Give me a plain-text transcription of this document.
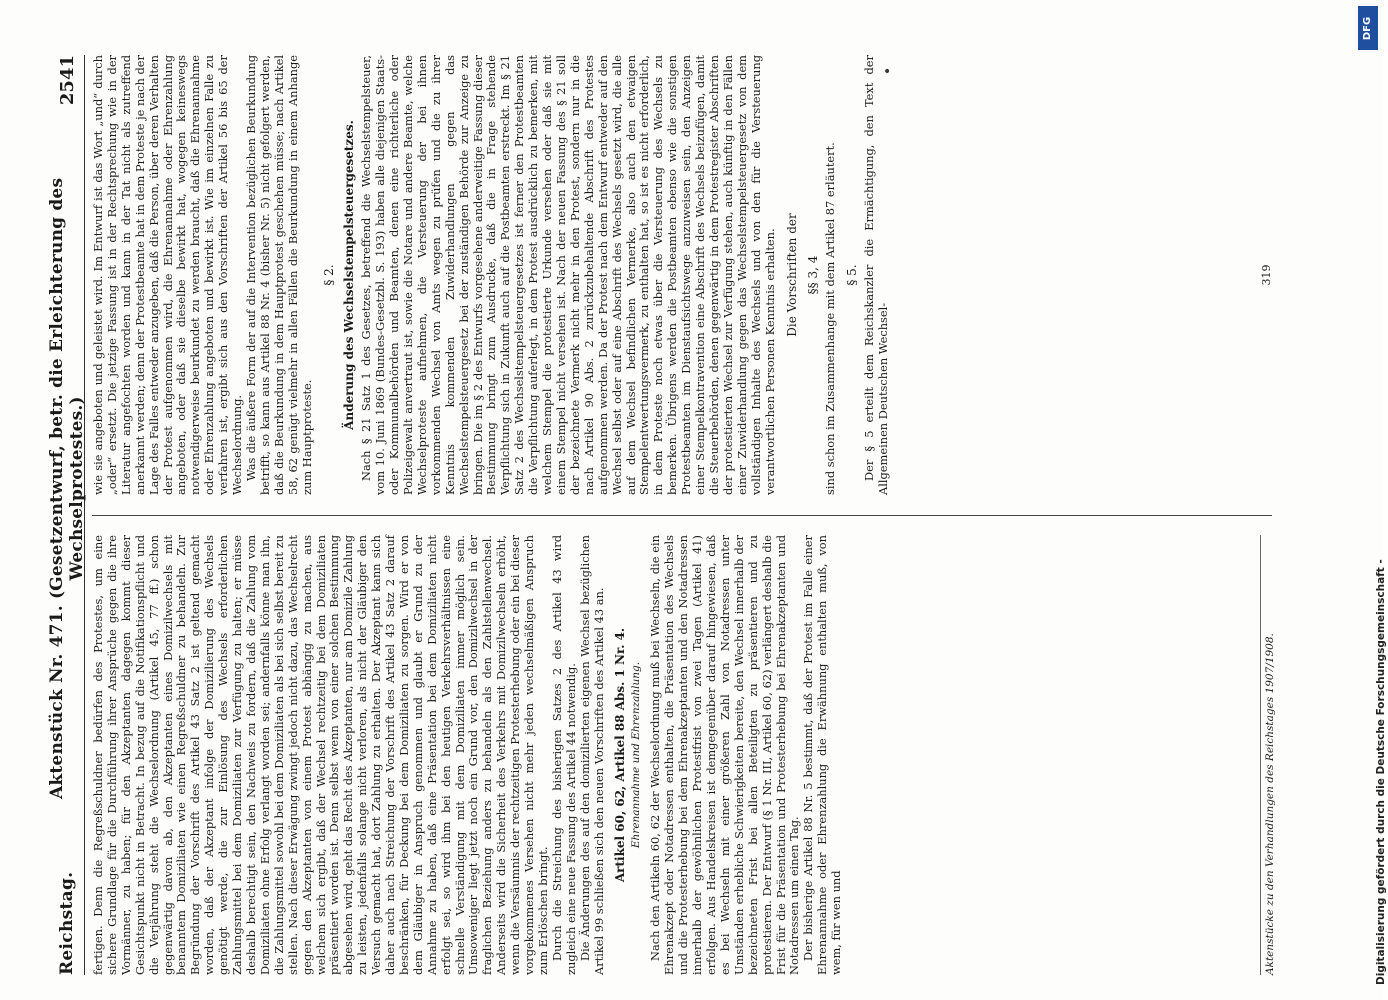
Reichstag.
Aktenstück Nr. 471. (Gesetzentwurf, betr. die Erleichterung des Wechselprotestes.)
2541

fertigen. Denn die Regreßschuldner bedürfen des Protestes, um eine sichere Grundlage für die Durchführung ihrer Ansprüche gegen die ihre Vormänner, zu haben; für den Akzeptanten dagegen kommt dieser Gesichtspunkt nicht in Betracht. In bezug auf die Notifikationspflicht und die Verjährung steht die Wechselordnung (Artikel 45, 77 ff.) schon gegenwärtig davon ab, den Akzeptanten eines Domizilwechsels mit benanntem Domiziliaten wie einen Regreßschuldner zu behandeln. Zur Begründung der Vorschrift des Artikel 43 Satz 2 ist geltend gemacht worden, daß der Akzeptant infolge der Domizilierung des Wechsels genötigt werde, die zur Einlösung des Wechsels erforderlichen Zahlungsmittel bei dem Domiziliaten zur Verfügung zu halten; er müsse deshalb berechtigt sein, den Nachweis zu fordern, daß die Zahlung vom Domiziliaten ohne Erfolg verlangt worden sei; andernfalls könne man ihn, die Zahlungsmittel sowohl bei dem Domiziliaten als bei sich selbst bereit zu stellen. Nach dieser Erwägung zwingt jedoch nicht dazu, das Wechselrecht gegen den Akzeptanten von einem Protest abhängig zu machen, aus welchem sich ergibt, daß der Wechsel rechtzeitig bei dem Domiziliaten präsentiert worden ist. Denn selbst wenn von einer solchen Bestimmung abgesehen wird, geht das Recht des Akzeptanten, nur am Domizile Zahlung zu leisten, jedenfalls solange nicht verloren, als nicht der Gläubiger den Versuch gemacht hat, dort Zahlung zu erhalten. Der Akzeptant kann sich daher auch nach Streichung der Vorschrift des Artikel 43 Satz 2 darauf beschränken, für Deckung bei dem Domiziliaten zu sorgen. Wird er von dem Gläubiger in Anspruch genommen und glaubt er Grund zu der Annahme zu haben, daß eine Präsentation bei dem Domiziliaten nicht erfolgt sei, so wird ihm bei den heutigen Verkehrsverhältnissen eine schnelle Verständigung mit dem Domiziliaten immer möglich sein. Umsoweniger liegt jetzt noch ein Grund vor, den Domizilwechsel in der fraglichen Beziehung anders zu behandeln als den Zahlstellenwechsel. Anderseits wird die Sicherheit des Verkehrs mit Domizilwechseln erhöht, wenn die Versäumnis der rechtzeitigen Protesterhebung oder ein bei dieser vorgekommenes Versehen nicht mehr jeden wechselmäßigen Anspruch zum Erlöschen bringt. Durch die Streichung des bisherigen Satzes 2 des Artikel 43 wird zugleich eine neue Fassung des Artikel 44 notwendig. Die Änderungen des auf den domizilierten eigenen Wechsel bezüglichen Artikel 99 schließen sich den neuen Vorschriften des Artikel 43 an. Artikel 60, 62, Artikel 88 Abs. 1 Nr. 4. Ehrenannahme und Ehrenzahlung. Nach den Artikeln 60, 62 der Wechselordnung muß bei Wechseln, die ein Ehrenakzept oder Notadressen enthalten, die Präsentation des Wechsels und die Protesterhebung bei dem Ehrenakzeptanten und den Notadressen innerhalb der gewöhnlichen Protestfrist von zwei Tagen (Artikel 41) erfolgen. Aus Handelskreisen ist demgegenüber darauf hingewiesen, daß es bei Wechseln mit einer größeren Zahl von Notadressen unter Umständen erhebliche Schwierigkeiten bereite, den Wechsel innerhalb der bezeichneten Frist bei allen Beteiligten zu präsentieren und zu protestieren. Der Entwurf (§ 1 Nr. III, Artikel 60, 62) verlängert deshalb die Frist für die Präsentation und Protesterhebung bei Ehrenakzeptanten und Notadressen um einen Tag. Der bisherige Artikel 88 Nr. 5 bestimmt, daß der Protest im Falle einer Ehrenannahme oder Ehrenzahlung die Erwähnung enthalten muß, von wem, für wen und

wie sie angeboten und geleistet wird. Im Entwurf ist das Wort „und“ durch „oder“ ersetzt. Die jetzige Fassung ist in der Rechtsprechung wie in der Literatur angefochten worden und kann in der Tat nicht als zutreffend anerkannt werden; denn der Protestbeamte hat in dem Proteste je nach der Lage des Falles entweder anzugeben, daß die Person, über deren Verhalten der Protest aufgenommen wird, die Ehrenannahme oder Ehrenzahlung angeboten, oder daß sie dieselbe bewirkt hat, wogegen keineswegs notwendigerweise beurkundet zu werden braucht, daß die Ehrenannahme oder Ehrenzahlung angeboten und bewirkt ist. Wie im einzelnen Falle zu verfahren ist, ergibt sich aus den Vorschriften der Artikel 56 bis 65 der Wechselordnung. Was die äußere Form der auf die Intervention bezüglichen Beurkundung betrifft, so kann aus Artikel 88 Nr. 4 (bisher Nr. 5) nicht gefolgert werden, daß die Beurkundung in dem Hauptprotest geschehen müsse; nach Artikel 58, 62 genügt vielmehr in allen Fällen die Beurkundung in einem Anhange zum Hauptproteste.

§ 2. Änderung des Wechselstempelsteuergesetzes. Nach § 21 Satz 1 des Gesetzes, betreffend die Wechselstempelsteuer, vom 10. Juni 1869 (Bundes-Gesetzbl. S. 193) haben alle diejenigen Staats- oder Kommunalbehörden und Beamten, denen eine richterliche oder Polizeigewalt anvertraut ist, sowie die Notare und andere Beamte, welche Wechselproteste aufnehmen, die Versteuerung der bei ihnen vorkommenden Wechsel von Amts wegen zu prüfen und die zu ihrer Kenntnis kommenden Zuwiderhandlungen gegen das Wechselstempelsteuergesetz bei der zuständigen Behörde zur Anzeige zu bringen. Die im § 2 des Entwurfs vorgesehene anderweitige Fassung dieser Bestimmung bringt zum Ausdrucke, daß die in Frage stehende Verpflichtung sich in Zukunft auch auf die Postbeamten erstreckt. Im § 21 Satz 2 des Wechselstempelsteuergesetzes ist ferner den Protestbeamten die Verpflichtung auferlegt, in dem Protest ausdrücklich zu bemerken, mit welchem Stempel die protestierte Urkunde versehen oder daß sie mit einem Stempel nicht versehen ist. Nach der neuen Fassung des § 21 soll der bezeichnete Vermerk nicht mehr in den Protest, sondern nur in die nach Artikel 90 Abs. 2 zurückzubehaltende Abschrift des Protestes aufgenommen werden. Da der Protest nach dem Entwurf entweder auf den Wechsel selbst oder auf eine Abschrift des Wechsels gesetzt wird, die alle auf dem Wechsel befindlichen Vermerke, also auch den etwaigen Stempelentwertungsvermerk, zu enthalten hat, so ist es nicht erforderlich, in dem Proteste noch etwas über die Versteuerung des Wechsels zu bemerken. Übrigens werden die Postbeamten ebenso wie die sonstigen Protestbeamten im Dienstaufsichtswege anzuweisen sein, den Anzeigen einer Stempelkontravention eine Abschrift des Wechsels beizufügen, damit die Steuerbehörden, denen gegenwärtig in dem Protestregister Abschriften der protestierten Wechsel zur Verfügung stehen, auch künftig in den Fällen einer Zuwiderhandlung gegen das Wechselstempelsteuergesetz von dem vollständigen Inhalte des Wechsels und von den für die Versteuerung verantwortlichen Personen Kenntnis erhalten. Die Vorschriften der §§ 3, 4 sind schon im Zusammenhange mit dem Artikel 87 erläutert. § 5. Der § 5 erteilt dem Reichskanzler die Ermächtigung, den Text der Allgemeinen Deutschen Wechsel-

Aktenstücke zu den Verhandlungen des Reichstages 1907/1908.
319
•
Digitalisierung gefördert durch die Deutsche Forschungsgemeinschaft -
DFG
